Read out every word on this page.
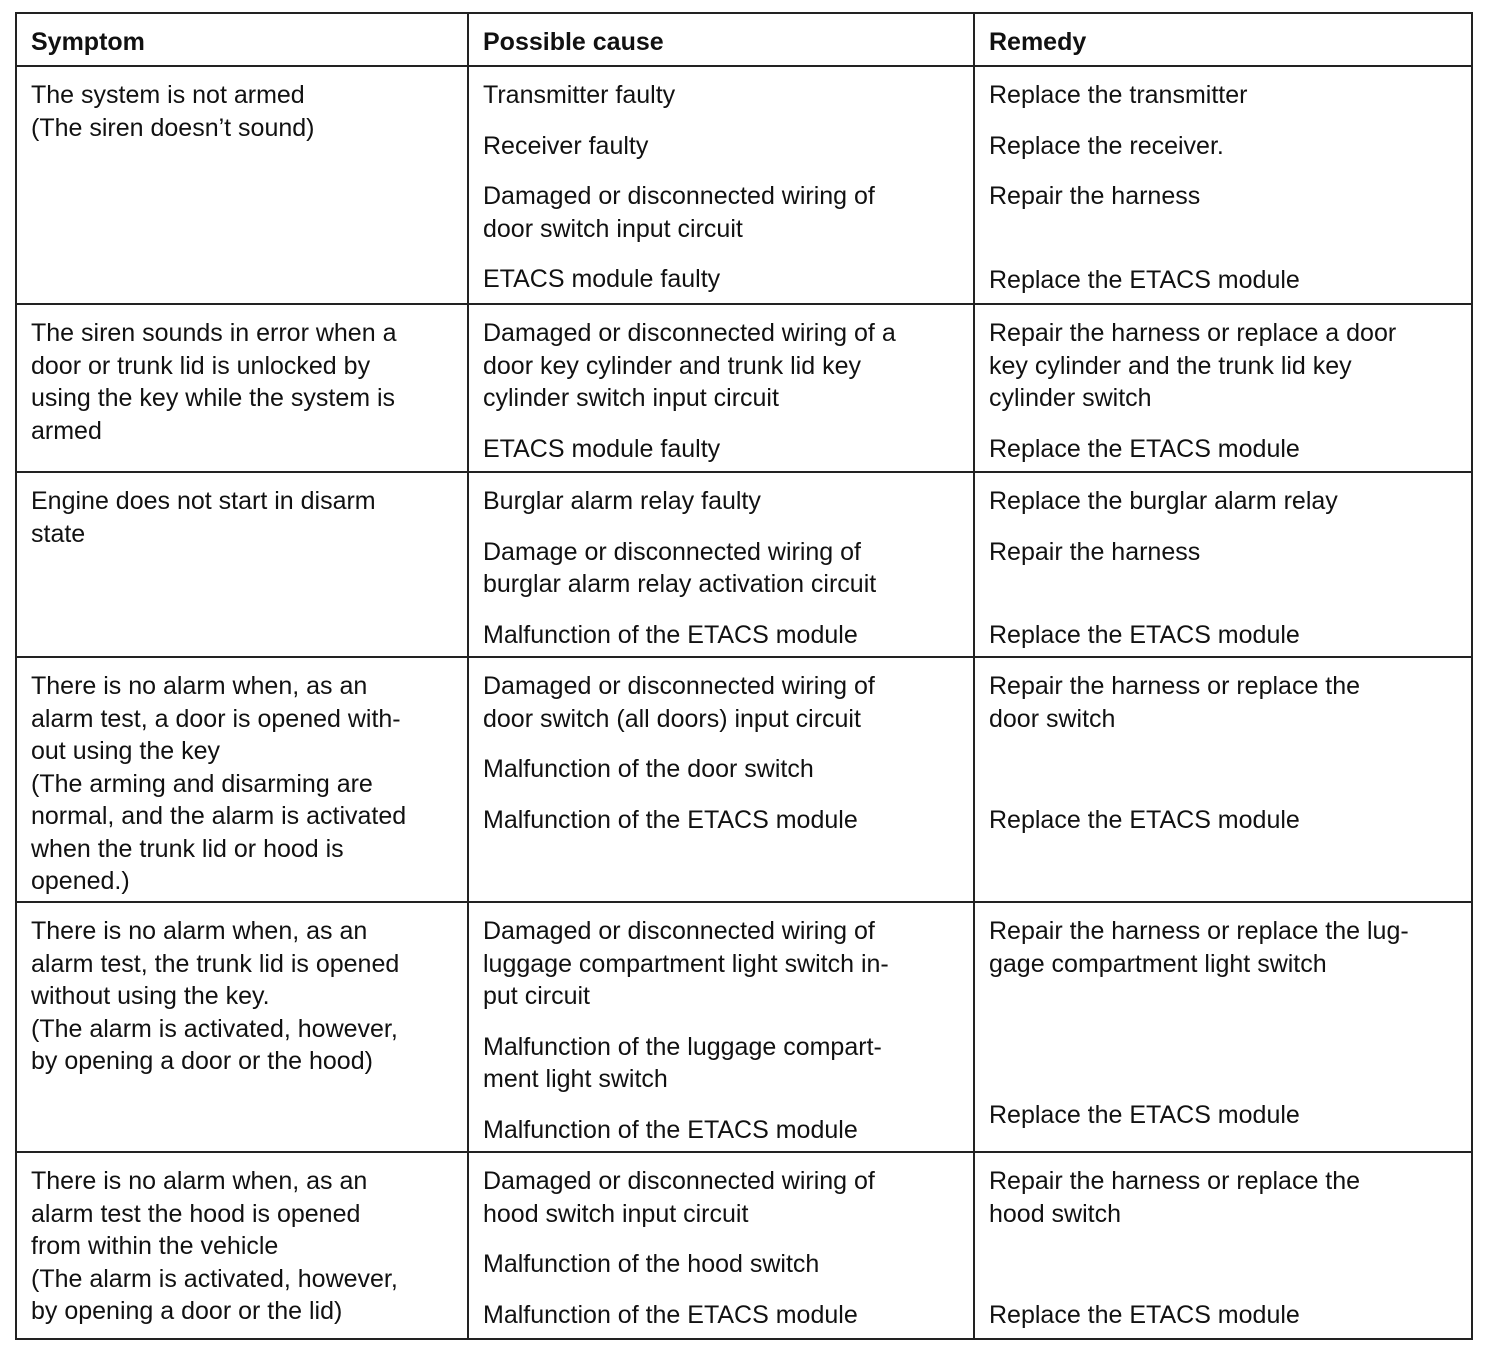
Symptom	Possible cause	Remedy
The system is not armed
(The siren doesn’t sound)
Transmitter faulty
Receiver faulty
Damaged or disconnected wiring of
door switch input circuit
ETACS module faulty
Replace the transmitter
Replace the receiver.
Repair the harness
Replace the ETACS module
The siren sounds in error when a
door or trunk lid is unlocked by
using the key while the system is
armed
Damaged or disconnected wiring of a
door key cylinder and trunk lid key
cylinder switch input circuit
ETACS module faulty
Repair the harness or replace a door
key cylinder and the trunk lid key
cylinder switch
Replace the ETACS module
Engine does not start in disarm
state
Burglar alarm relay faulty
Damage or disconnected wiring of
burglar alarm relay activation circuit
Malfunction of the ETACS module
Replace the burglar alarm relay
Repair the harness
Replace the ETACS module
There is no alarm when, as an
alarm test, a door is opened with-
out using the key
(The arming and disarming are
normal, and the alarm is activated
when the trunk lid or hood is
opened.)
Damaged or disconnected wiring of
door switch (all doors) input circuit
Malfunction of the door switch
Malfunction of the ETACS module
Repair the harness or replace the
door switch
Replace the ETACS module
There is no alarm when, as an
alarm test, the trunk lid is opened
without using the key.
(The alarm is activated, however,
by opening a door or the hood)
Damaged or disconnected wiring of
luggage compartment light switch in-
put circuit
Malfunction of the luggage compart-
ment light switch
Malfunction of the ETACS module
Repair the harness or replace the lug-
gage compartment light switch
Replace the ETACS module
There is no alarm when, as an
alarm test the hood is opened
from within the vehicle
(The alarm is activated, however,
by opening a door or the lid)
Damaged or disconnected wiring of
hood switch input circuit
Malfunction of the hood switch
Malfunction of the ETACS module
Repair the harness or replace the
hood switch
Replace the ETACS module
